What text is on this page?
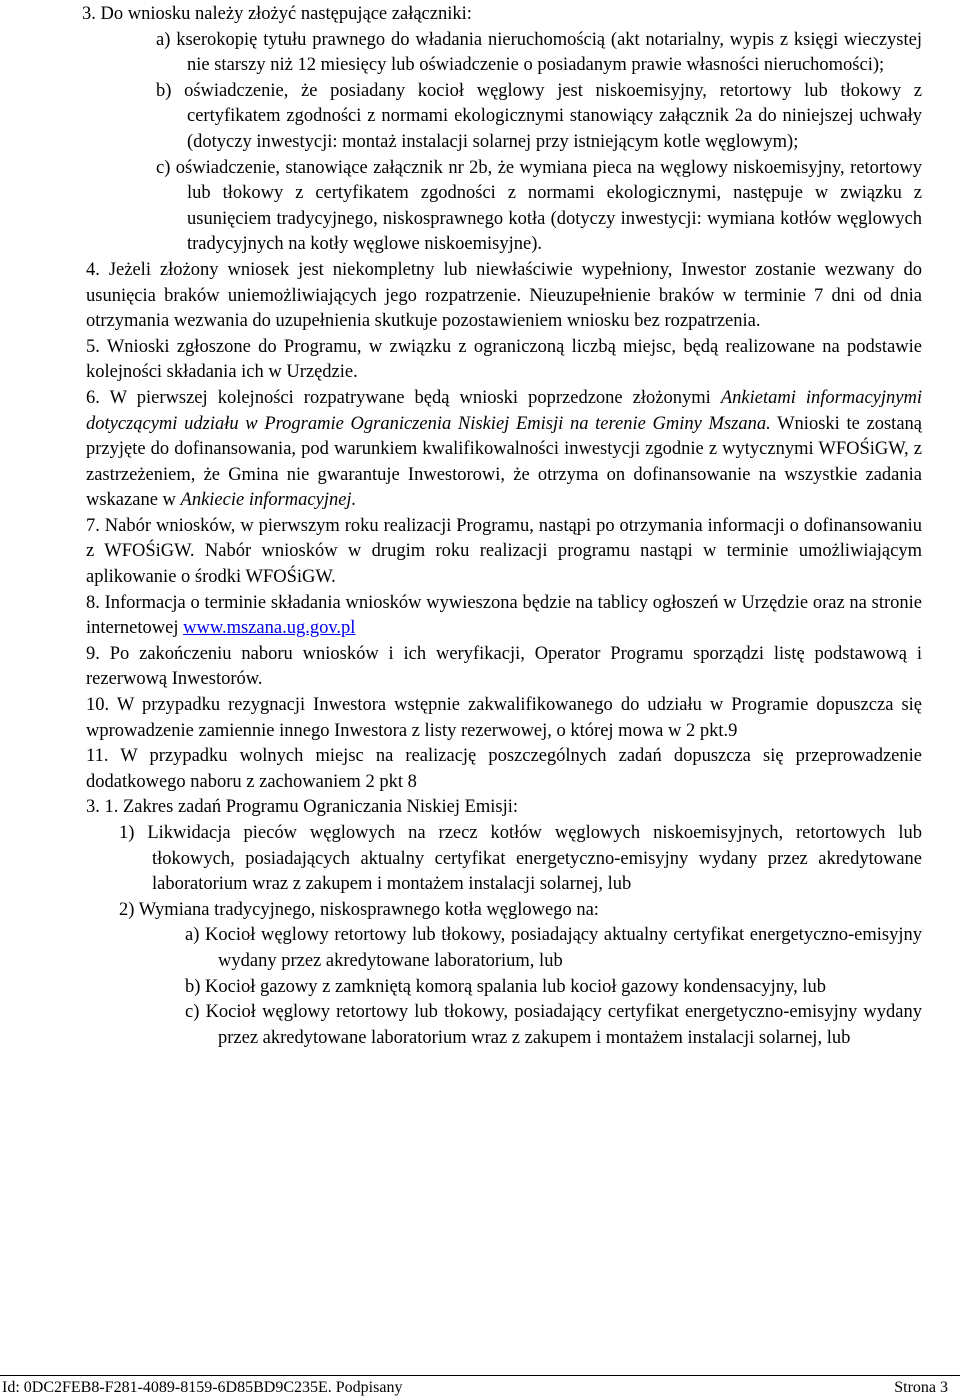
3. Do wniosku należy złożyć następujące załączniki:

a) kserokopię tytułu prawnego do władania nieruchomością (akt notarialny, wypis z księgi wieczystej nie starszy niż 12 miesięcy lub oświadczenie o posiadanym prawie własności nieruchomości);

b) oświadczenie, że posiadany kocioł węglowy jest niskoemisyjny, retortowy lub tłokowy z certyfikatem zgodności z normami ekologicznymi stanowiący załącznik 2a do niniejszej uchwały (dotyczy inwestycji: montaż instalacji solarnej przy istniejącym kotle węglowym);

c) oświadczenie, stanowiące załącznik nr 2b, że wymiana pieca na węglowy niskoemisyjny, retortowy lub tłokowy z certyfikatem zgodności z normami ekologicznymi, następuje w związku z usunięciem tradycyjnego, niskosprawnego kotła (dotyczy inwestycji: wymiana kotłów węglowych tradycyjnych na kotły węglowe niskoemisyjne).

4. Jeżeli złożony wniosek jest niekompletny lub niewłaściwie wypełniony, Inwestor zostanie wezwany do usunięcia braków uniemożliwiających jego rozpatrzenie. Nieuzupełnienie braków w terminie 7 dni od dnia otrzymania wezwania do uzupełnienia skutkuje pozostawieniem wniosku bez rozpatrzenia.

5. Wnioski zgłoszone do Programu, w związku z ograniczoną liczbą miejsc, będą realizowane na podstawie kolejności składania ich w Urzędzie.

6. W pierwszej kolejności rozpatrywane będą wnioski poprzedzone złożonymi Ankietami informacyjnymi dotyczącymi udziału w Programie Ograniczenia Niskiej Emisji na terenie Gminy Mszana. Wnioski te zostaną przyjęte do dofinansowania, pod warunkiem kwalifikowalności inwestycji zgodnie z wytycznymi WFOŚiGW, z zastrzeżeniem, że Gmina nie gwarantuje Inwestorowi, że otrzyma on dofinansowanie na wszystkie zadania wskazane w Ankiecie informacyjnej.

7. Nabór wniosków, w pierwszym roku realizacji Programu, nastąpi po otrzymania informacji o dofinansowaniu z WFOŚiGW. Nabór wniosków w drugim roku realizacji programu nastąpi w terminie umożliwiającym aplikowanie o środki WFOŚiGW.

8. Informacja o terminie składania wniosków wywieszona będzie na tablicy ogłoszeń w Urzędzie oraz na stronie internetowej www.mszana.ug.gov.pl

9. Po zakończeniu naboru wniosków i ich weryfikacji, Operator Programu sporządzi listę podstawową i rezerwową Inwestorów.

10. W przypadku rezygnacji Inwestora wstępnie zakwalifikowanego do udziału w Programie dopuszcza się wprowadzenie zamiennie innego Inwestora z listy rezerwowej, o której mowa w 2 pkt.9

11. W przypadku wolnych miejsc na realizację poszczególnych zadań dopuszcza się przeprowadzenie dodatkowego naboru z zachowaniem 2 pkt 8

3. 1. Zakres zadań Programu Ograniczania Niskiej Emisji:

1) Likwidacja pieców węglowych na rzecz kotłów węglowych niskoemisyjnych, retortowych lub tłokowych, posiadających aktualny certyfikat energetyczno-emisyjny wydany przez akredytowane laboratorium wraz z zakupem i montażem instalacji solarnej, lub

2) Wymiana tradycyjnego, niskosprawnego kotła węglowego na:

a) Kocioł węglowy retortowy lub tłokowy, posiadający aktualny certyfikat energetyczno-emisyjny wydany przez akredytowane laboratorium, lub

b) Kocioł gazowy z zamkniętą komorą spalania lub kocioł gazowy kondensacyjny, lub

c) Kocioł węglowy retortowy lub tłokowy, posiadający certyfikat energetyczno-emisyjny wydany przez akredytowane laboratorium wraz z zakupem i montażem instalacji solarnej, lub

Id: 0DC2FEB8-F281-4089-8159-6D85BD9C235E. Podpisany	Strona 3
